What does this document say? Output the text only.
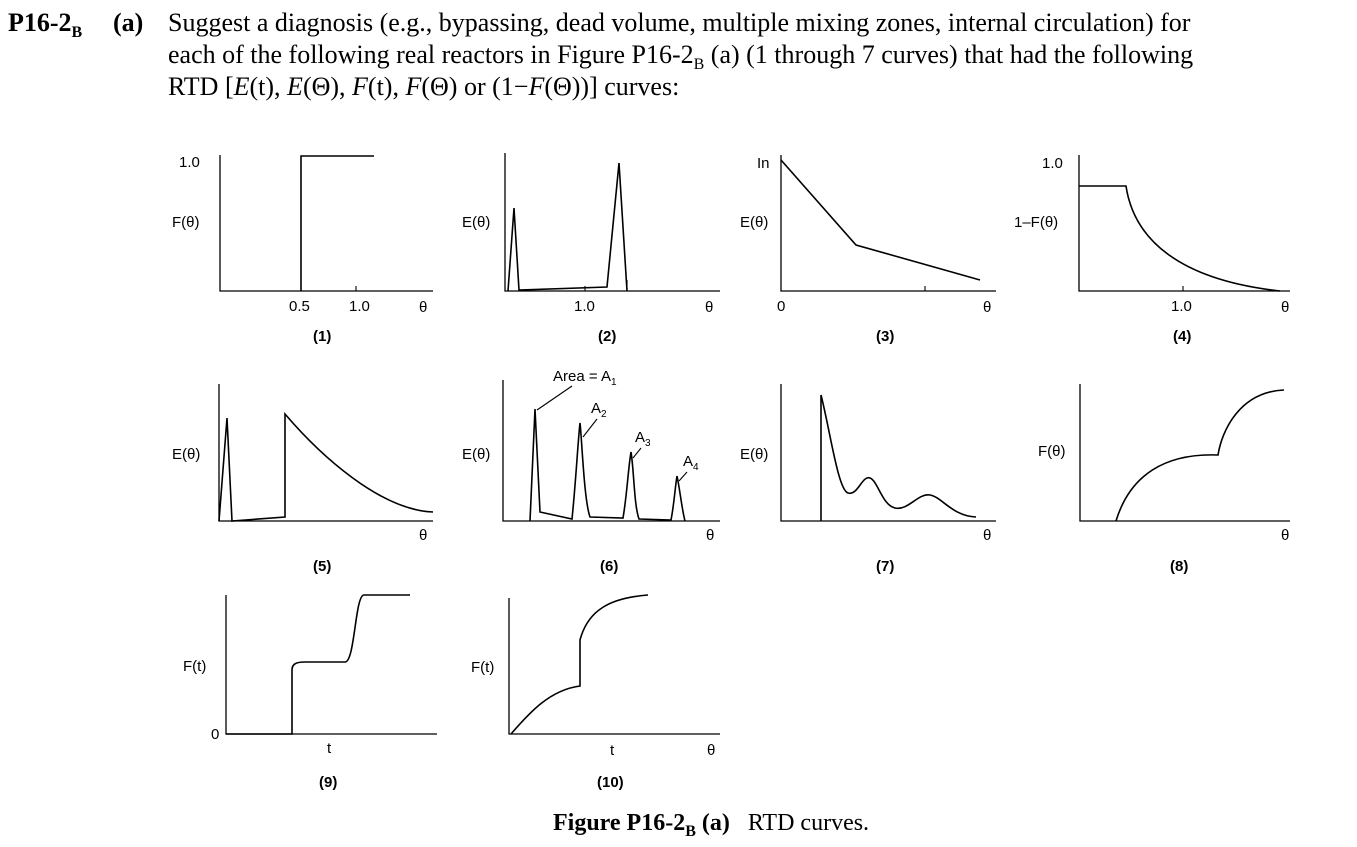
$P16-2_B$ (a) Suggest a diagnosis (e.g., bypassing, dead volume, multiple mixing zones, internal circulation) for
each of the following real reactors in Figure $P16-2_B$ (a) (1 through 7 curves) that had the following
RTD [E(t), E(Θ), F(t), F(Θ) or (1−F(Θ))] curves:
1.0
F(θ)
0.5	1.0	θ
(1)
E(θ)
1.0	θ
(2)
In
E(θ)
0	θ
(3)
1.0
1–F(θ)
1.0	θ
(4)
E(θ)
θ
(5)
E(θ)
Area = $A_1$
$A_2$
$A_3$
$A_4$
θ
(6)
E(θ)
θ
(7)
F(θ)
θ
(8)
F(t)
0
t
(9)
F(t)
t	θ
(10)
Figure $P16-2_B$ (a) RTD curves.
